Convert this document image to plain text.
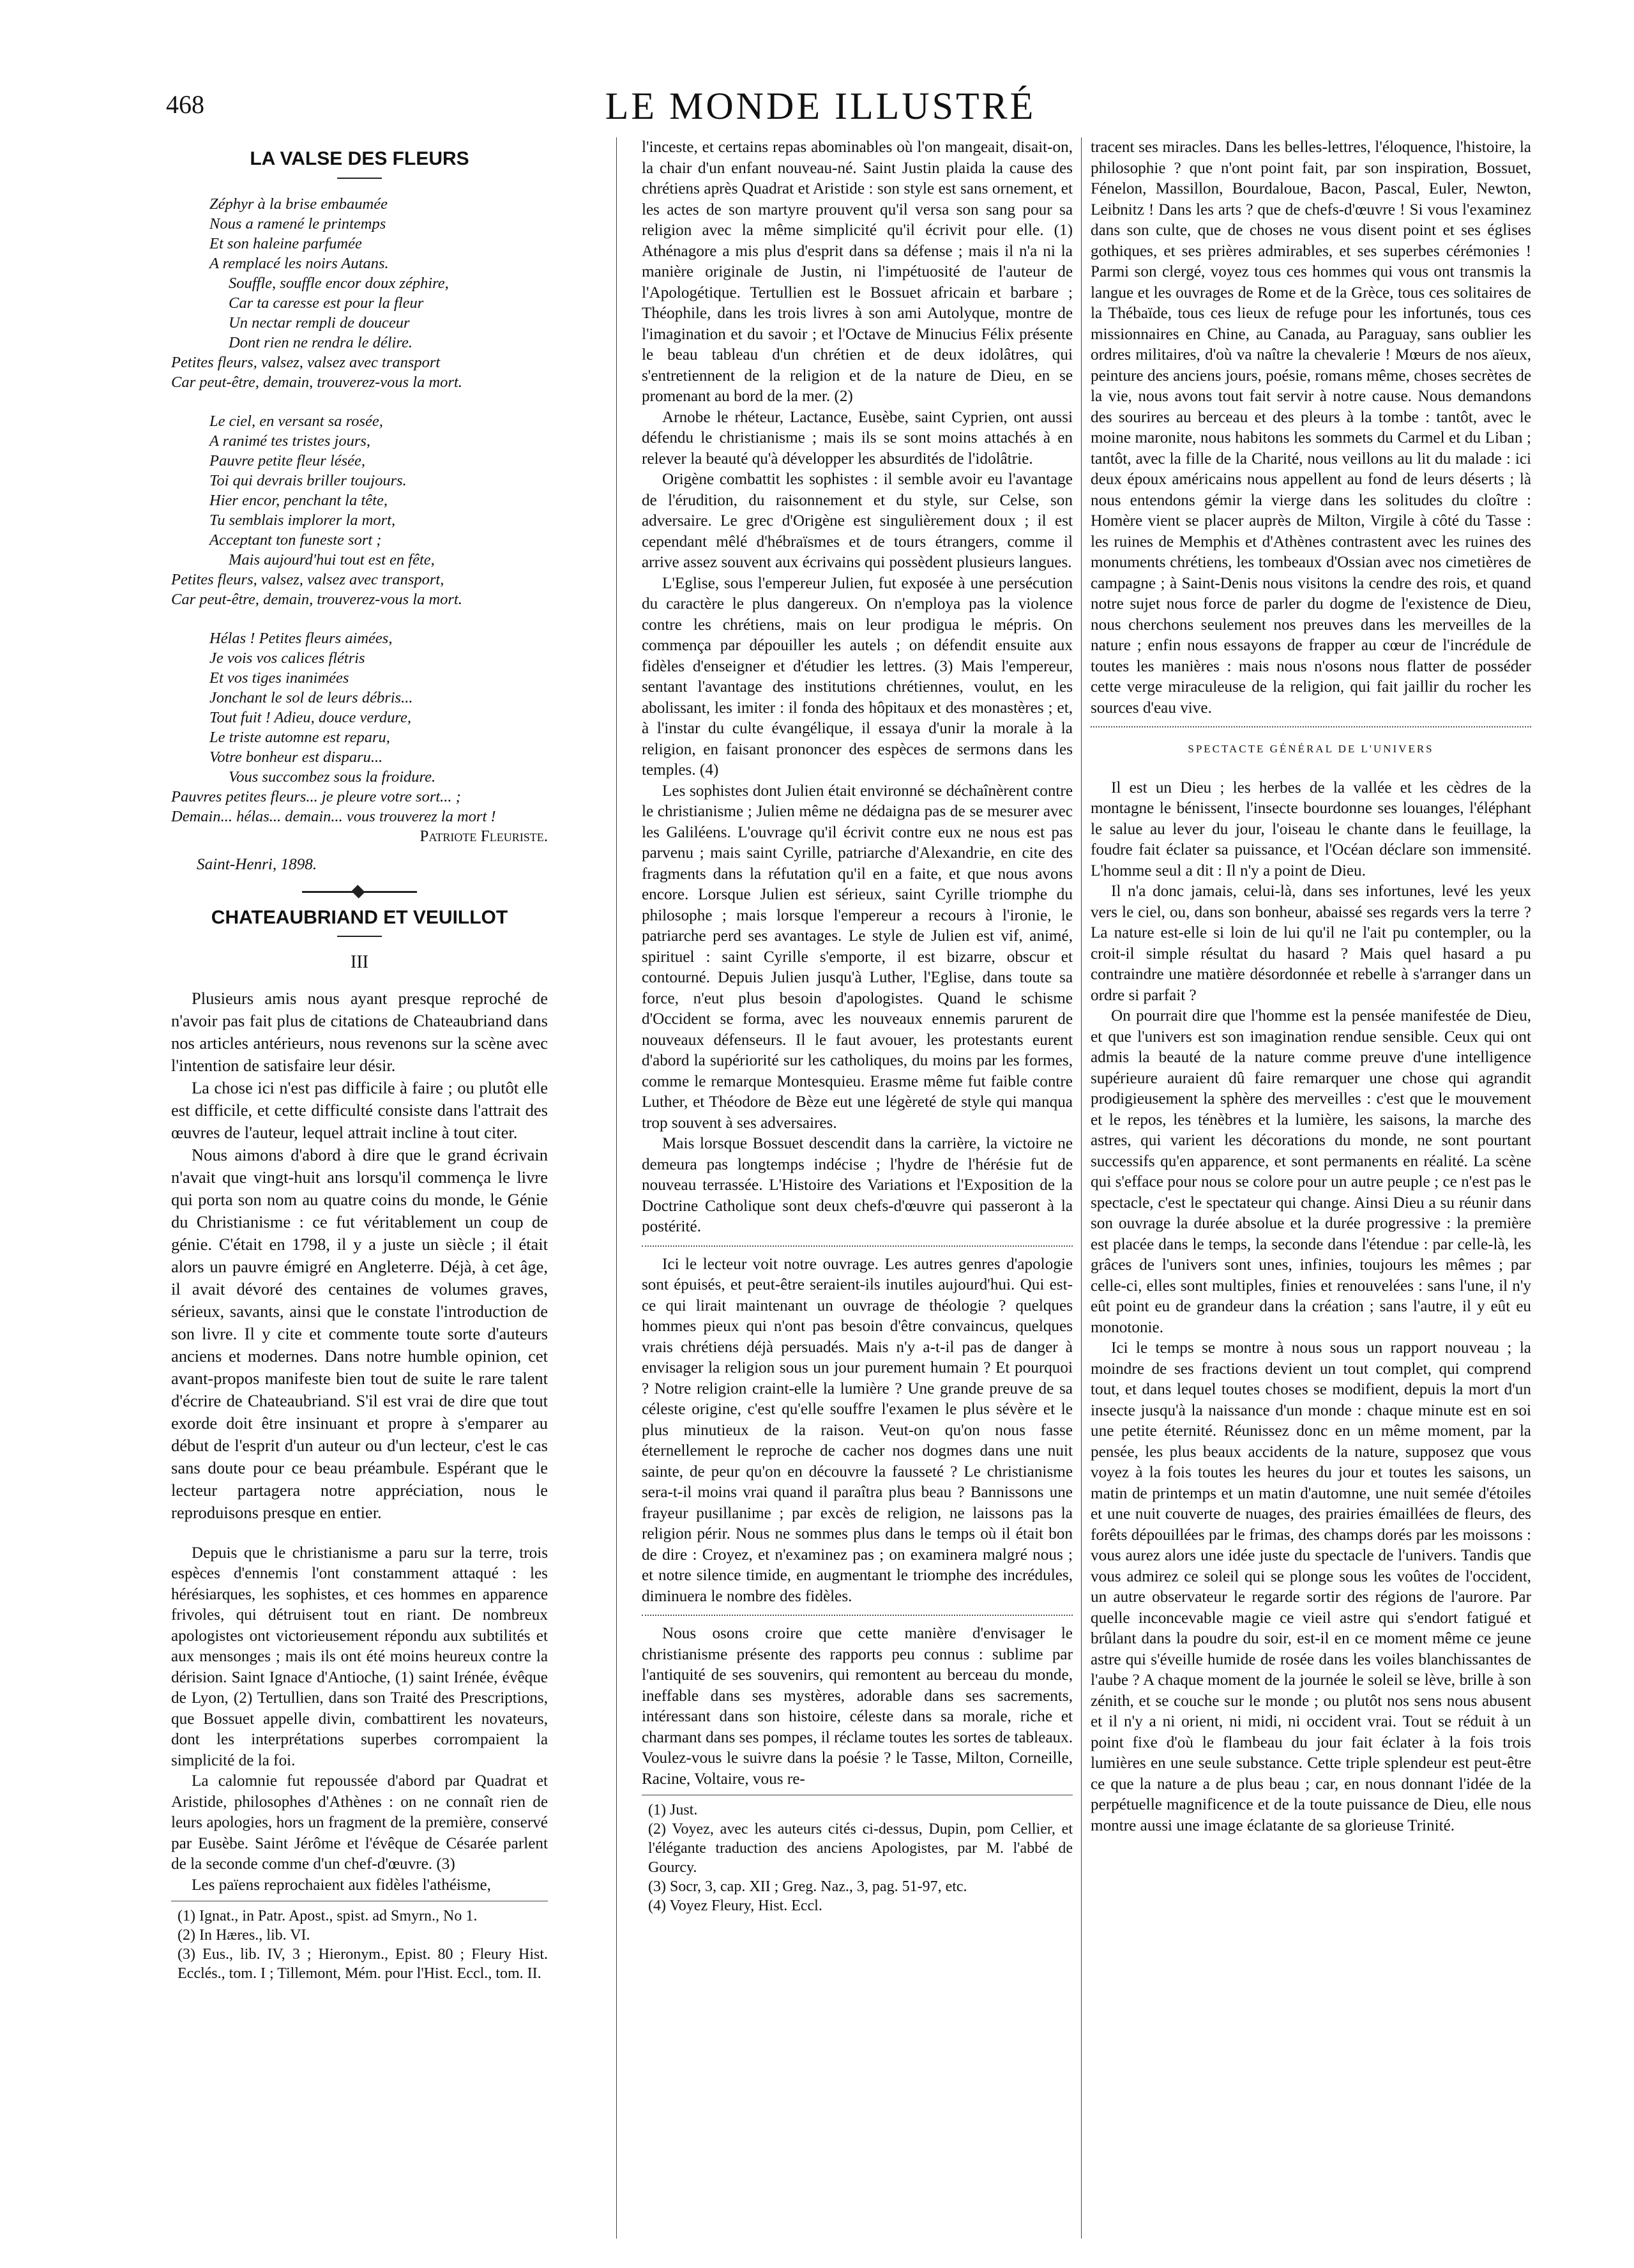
468	LE MONDE ILLUSTRÉ
LA VALSE DES FLEURS
Zéphyr à la brise embaumée
Nous a ramené le printemps
Et son haleine parfumée
A remplacé les noirs Autans.
Souffle, souffle encor doux zéphire,
Car ta caresse est pour la fleur
Un nectar rempli de douceur
Dont rien ne rendra le délire.
Petites fleurs, valsez, valsez avec transport
Car peut-être, demain, trouverez-vous la mort.
Le ciel, en versant sa rosée,
A ranimé tes tristes jours,
Pauvre petite fleur lésée,
Toi qui devrais briller toujours.
Hier encor, penchant la tête,
Tu semblais implorer la mort,
Acceptant ton funeste sort ;
Mais aujourd'hui tout est en fête,
Petites fleurs, valsez, valsez avec transport,
Car peut-être, demain, trouverez-vous la mort.
Hélas ! Petites fleurs aimées,
Je vois vos calices flétris
Et vos tiges inanimées
Jonchant le sol de leurs débris...
Tout fuit ! Adieu, douce verdure,
Le triste automne est reparu,
Votre bonheur est disparu...
Vous succombez sous la froidure.
Pauvres petites fleurs... je pleure votre sort... ;
Demain... hélas... demain... vous trouverez la mort !

Patriote Fleuriste.

Saint-Henri, 1898.

CHATEAUBRIAND ET VEUILLOT

III

Plusieurs amis nous ayant presque reproché de n'avoir pas fait plus de citations de Chateaubriand dans nos articles antérieurs, nous revenons sur la scène avec l'intention de satisfaire leur désir.

La chose ici n'est pas difficile à faire ; ou plutôt elle est difficile, et cette difficulté consiste dans l'attrait des œuvres de l'auteur, lequel attrait incline à tout citer.

Nous aimons d'abord à dire que le grand écrivain n'avait que vingt-huit ans lorsqu'il commença le livre qui porta son nom au quatre coins du monde, le Génie du Christianisme : ce fut véritablement un coup de génie. C'était en 1798, il y a juste un siècle ; il était alors un pauvre émigré en Angleterre. Déjà, à cet âge, il avait dévoré des centaines de volumes graves, sérieux, savants, ainsi que le constate l'introduction de son livre. Il y cite et commente toute sorte d'auteurs anciens et modernes. Dans notre humble opinion, cet avant-propos manifeste bien tout de suite le rare talent d'écrire de Chateaubriand. S'il est vrai de dire que tout exorde doit être insinuant et propre à s'emparer au début de l'esprit d'un auteur ou d'un lecteur, c'est le cas sans doute pour ce beau préambule. Espérant que le lecteur partagera notre appréciation, nous le reproduisons presque en entier.

Depuis que le christianisme a paru sur la terre, trois espèces d'ennemis l'ont constamment attaqué : les hérésiarques, les sophistes, et ces hommes en apparence frivoles, qui détruisent tout en riant. De nombreux apologistes ont victorieusement répondu aux subtilités et aux mensonges ; mais ils ont été moins heureux contre la dérision. Saint Ignace d'Antioche, (1) saint Irénée, évêque de Lyon, (2) Tertullien, dans son Traité des Prescriptions, que Bossuet appelle divin, combattirent les novateurs, dont les interprétations superbes corrompaient la simplicité de la foi.

La calomnie fut repoussée d'abord par Quadrat et Aristide, philosophes d'Athènes : on ne connaît rien de leurs apologies, hors un fragment de la première, conservé par Eusèbe. Saint Jérôme et l'évêque de Césarée parlent de la seconde comme d'un chef-d'œuvre. (3)

Les païens reprochaient aux fidèles l'athéisme,

(1) Ignat., in Patr. Apost., spist. ad Smyrn., No 1.

(2) In Hæres., lib. VI.

(3) Eus., lib. IV, 3 ; Hieronym., Epist. 80 ; Fleury Hist. Ecclés., tom. I ; Tillemont, Mém. pour l'Hist. Eccl., tom. II.

l'inceste, et certains repas abominables où l'on mangeait, disait-on, la chair d'un enfant nouveau-né. Saint Justin plaida la cause des chrétiens après Quadrat et Aristide : son style est sans ornement, et les actes de son martyre prouvent qu'il versa son sang pour sa religion avec la même simplicité qu'il écrivit pour elle. (1) Athénagore a mis plus d'esprit dans sa défense ; mais il n'a ni la manière originale de Justin, ni l'impétuosité de l'auteur de l'Apologétique. Tertullien est le Bossuet africain et barbare ; Théophile, dans les trois livres à son ami Autolyque, montre de l'imagination et du savoir ; et l'Octave de Minucius Félix présente le beau tableau d'un chrétien et de deux idolâtres, qui s'entretiennent de la religion et de la nature de Dieu, en se promenant au bord de la mer. (2)

Arnobe le rhéteur, Lactance, Eusèbe, saint Cyprien, ont aussi défendu le christianisme ; mais ils se sont moins attachés à en relever la beauté qu'à développer les absurdités de l'idolâtrie.

Origène combattit les sophistes : il semble avoir eu l'avantage de l'érudition, du raisonnement et du style, sur Celse, son adversaire. Le grec d'Origène est singulièrement doux ; il est cependant mêlé d'hébraïsmes et de tours étrangers, comme il arrive assez souvent aux écrivains qui possèdent plusieurs langues.

L'Eglise, sous l'empereur Julien, fut exposée à une persécution du caractère le plus dangereux. On n'employa pas la violence contre les chrétiens, mais on leur prodigua le mépris. On commença par dépouiller les autels ; on défendit ensuite aux fidèles d'enseigner et d'étudier les lettres. (3) Mais l'empereur, sentant l'avantage des institutions chrétiennes, voulut, en les abolissant, les imiter : il fonda des hôpitaux et des monastères ; et, à l'instar du culte évangélique, il essaya d'unir la morale à la religion, en faisant prononcer des espèces de sermons dans les temples. (4)

Les sophistes dont Julien était environné se déchaînèrent contre le christianisme ; Julien même ne dédaigna pas de se mesurer avec les Galiléens. L'ouvrage qu'il écrivit contre eux ne nous est pas parvenu ; mais saint Cyrille, patriarche d'Alexandrie, en cite des fragments dans la réfutation qu'il en a faite, et que nous avons encore. Lorsque Julien est sérieux, saint Cyrille triomphe du philosophe ; mais lorsque l'empereur a recours à l'ironie, le patriarche perd ses avantages. Le style de Julien est vif, animé, spirituel : saint Cyrille s'emporte, il est bizarre, obscur et contourné. Depuis Julien jusqu'à Luther, l'Eglise, dans toute sa force, n'eut plus besoin d'apologistes. Quand le schisme d'Occident se forma, avec les nouveaux ennemis parurent de nouveaux défenseurs. Il le faut avouer, les protestants eurent d'abord la supériorité sur les catholiques, du moins par les formes, comme le remarque Montesquieu. Erasme même fut faible contre Luther, et Théodore de Bèze eut une légèreté de style qui manqua trop souvent à ses adversaires.

Mais lorsque Bossuet descendit dans la carrière, la victoire ne demeura pas longtemps indécise ; l'hydre de l'hérésie fut de nouveau terrassée. L'Histoire des Variations et l'Exposition de la Doctrine Catholique sont deux chefs-d'œuvre qui passeront à la postérité.

Ici le lecteur voit notre ouvrage. Les autres genres d'apologie sont épuisés, et peut-être seraient-ils inutiles aujourd'hui. Qui est-ce qui lirait maintenant un ouvrage de théologie ? quelques hommes pieux qui n'ont pas besoin d'être convaincus, quelques vrais chrétiens déjà persuadés. Mais n'y a-t-il pas de danger à envisager la religion sous un jour purement humain ? Et pourquoi ? Notre religion craint-elle la lumière ? Une grande preuve de sa céleste origine, c'est qu'elle souffre l'examen le plus sévère et le plus minutieux de la raison. Veut-on qu'on nous fasse éternellement le reproche de cacher nos dogmes dans une nuit sainte, de peur qu'on en découvre la fausseté ? Le christianisme sera-t-il moins vrai quand il paraîtra plus beau ? Bannissons une frayeur pusillanime ; par excès de religion, ne laissons pas la religion périr. Nous ne sommes plus dans le temps où il était bon de dire : Croyez, et n'examinez pas ; on examinera malgré nous ; et notre silence timide, en augmentant le triomphe des incrédules, diminuera le nombre des fidèles.

Nous osons croire que cette manière d'envisager le christianisme présente des rapports peu connus : sublime par l'antiquité de ses souvenirs, qui remontent au berceau du monde, ineffable dans ses mystères, adorable dans ses sacrements, intéressant dans son histoire, céleste dans sa morale, riche et charmant dans ses pompes, il réclame toutes les sortes de tableaux. Voulez-vous le suivre dans la poésie ? le Tasse, Milton, Corneille, Racine, Voltaire, vous re-

(1) Just.

(2) Voyez, avec les auteurs cités ci-dessus, Dupin, pom Cellier, et l'élégante traduction des anciens Apologistes, par M. l'abbé de Gourcy.

(3) Socr, 3, cap. XII ; Greg. Naz., 3, pag. 51-97, etc.

(4) Voyez Fleury, Hist. Eccl.

tracent ses miracles. Dans les belles-lettres, l'éloquence, l'histoire, la philosophie ? que n'ont point fait, par son inspiration, Bossuet, Fénelon, Massillon, Bourdaloue, Bacon, Pascal, Euler, Newton, Leibnitz ! Dans les arts ? que de chefs-d'œuvre ! Si vous l'examinez dans son culte, que de choses ne vous disent point et ses églises gothiques, et ses prières admirables, et ses superbes cérémonies ! Parmi son clergé, voyez tous ces hommes qui vous ont transmis la langue et les ouvrages de Rome et de la Grèce, tous ces solitaires de la Thébaïde, tous ces lieux de refuge pour les infortunés, tous ces missionnaires en Chine, au Canada, au Paraguay, sans oublier les ordres militaires, d'où va naître la chevalerie ! Mœurs de nos aïeux, peinture des anciens jours, poésie, romans même, choses secrètes de la vie, nous avons tout fait servir à notre cause. Nous demandons des sourires au berceau et des pleurs à la tombe : tantôt, avec le moine maronite, nous habitons les sommets du Carmel et du Liban ; tantôt, avec la fille de la Charité, nous veillons au lit du malade : ici deux époux américains nous appellent au fond de leurs déserts ; là nous entendons gémir la vierge dans les solitudes du cloître : Homère vient se placer auprès de Milton, Virgile à côté du Tasse : les ruines de Memphis et d'Athènes contrastent avec les ruines des monuments chrétiens, les tombeaux d'Ossian avec nos cimetières de campagne ; à Saint-Denis nous visitons la cendre des rois, et quand notre sujet nous force de parler du dogme de l'existence de Dieu, nous cherchons seulement nos preuves dans les merveilles de la nature ; enfin nous essayons de frapper au cœur de l'incrédule de toutes les manières : mais nous n'osons nous flatter de posséder cette verge miraculeuse de la religion, qui fait jaillir du rocher les sources d'eau vive.

SPECTACTE GÉNÉRAL DE L'UNIVERS

Il est un Dieu ; les herbes de la vallée et les cèdres de la montagne le bénissent, l'insecte bourdonne ses louanges, l'éléphant le salue au lever du jour, l'oiseau le chante dans le feuillage, la foudre fait éclater sa puissance, et l'Océan déclare son immensité. L'homme seul a dit : Il n'y a point de Dieu.

Il n'a donc jamais, celui-là, dans ses infortunes, levé les yeux vers le ciel, ou, dans son bonheur, abaissé ses regards vers la terre ? La nature est-elle si loin de lui qu'il ne l'ait pu contempler, ou la croit-il simple résultat du hasard ? Mais quel hasard a pu contraindre une matière désordonnée et rebelle à s'arranger dans un ordre si parfait ?

On pourrait dire que l'homme est la pensée manifestée de Dieu, et que l'univers est son imagination rendue sensible. Ceux qui ont admis la beauté de la nature comme preuve d'une intelligence supérieure auraient dû faire remarquer une chose qui agrandit prodigieusement la sphère des merveilles : c'est que le mouvement et le repos, les ténèbres et la lumière, les saisons, la marche des astres, qui varient les décorations du monde, ne sont pourtant successifs qu'en apparence, et sont permanents en réalité. La scène qui s'efface pour nous se colore pour un autre peuple ; ce n'est pas le spectacle, c'est le spectateur qui change. Ainsi Dieu a su réunir dans son ouvrage la durée absolue et la durée progressive : la première est placée dans le temps, la seconde dans l'étendue : par celle-là, les grâces de l'univers sont unes, infinies, toujours les mêmes ; par celle-ci, elles sont multiples, finies et renouvelées : sans l'une, il n'y eût point eu de grandeur dans la création ; sans l'autre, il y eût eu monotonie.

Ici le temps se montre à nous sous un rapport nouveau ; la moindre de ses fractions devient un tout complet, qui comprend tout, et dans lequel toutes choses se modifient, depuis la mort d'un insecte jusqu'à la naissance d'un monde : chaque minute est en soi une petite éternité. Réunissez donc en un même moment, par la pensée, les plus beaux accidents de la nature, supposez que vous voyez à la fois toutes les heures du jour et toutes les saisons, un matin de printemps et un matin d'automne, une nuit semée d'étoiles et une nuit couverte de nuages, des prairies émaillées de fleurs, des forêts dépouillées par le frimas, des champs dorés par les moissons : vous aurez alors une idée juste du spectacle de l'univers. Tandis que vous admirez ce soleil qui se plonge sous les voûtes de l'occident, un autre observateur le regarde sortir des régions de l'aurore. Par quelle inconcevable magie ce vieil astre qui s'endort fatigué et brûlant dans la poudre du soir, est-il en ce moment même ce jeune astre qui s'éveille humide de rosée dans les voiles blanchissantes de l'aube ? A chaque moment de la journée le soleil se lève, brille à son zénith, et se couche sur le monde ; ou plutôt nos sens nous abusent et il n'y a ni orient, ni midi, ni occident vrai. Tout se réduit à un point fixe d'où le flambeau du jour fait éclater à la fois trois lumières en une seule substance. Cette triple splendeur est peut-être ce que la nature a de plus beau ; car, en nous donnant l'idée de la perpétuelle magnificence et de la toute puissance de Dieu, elle nous montre aussi une image éclatante de sa glorieuse Trinité.
